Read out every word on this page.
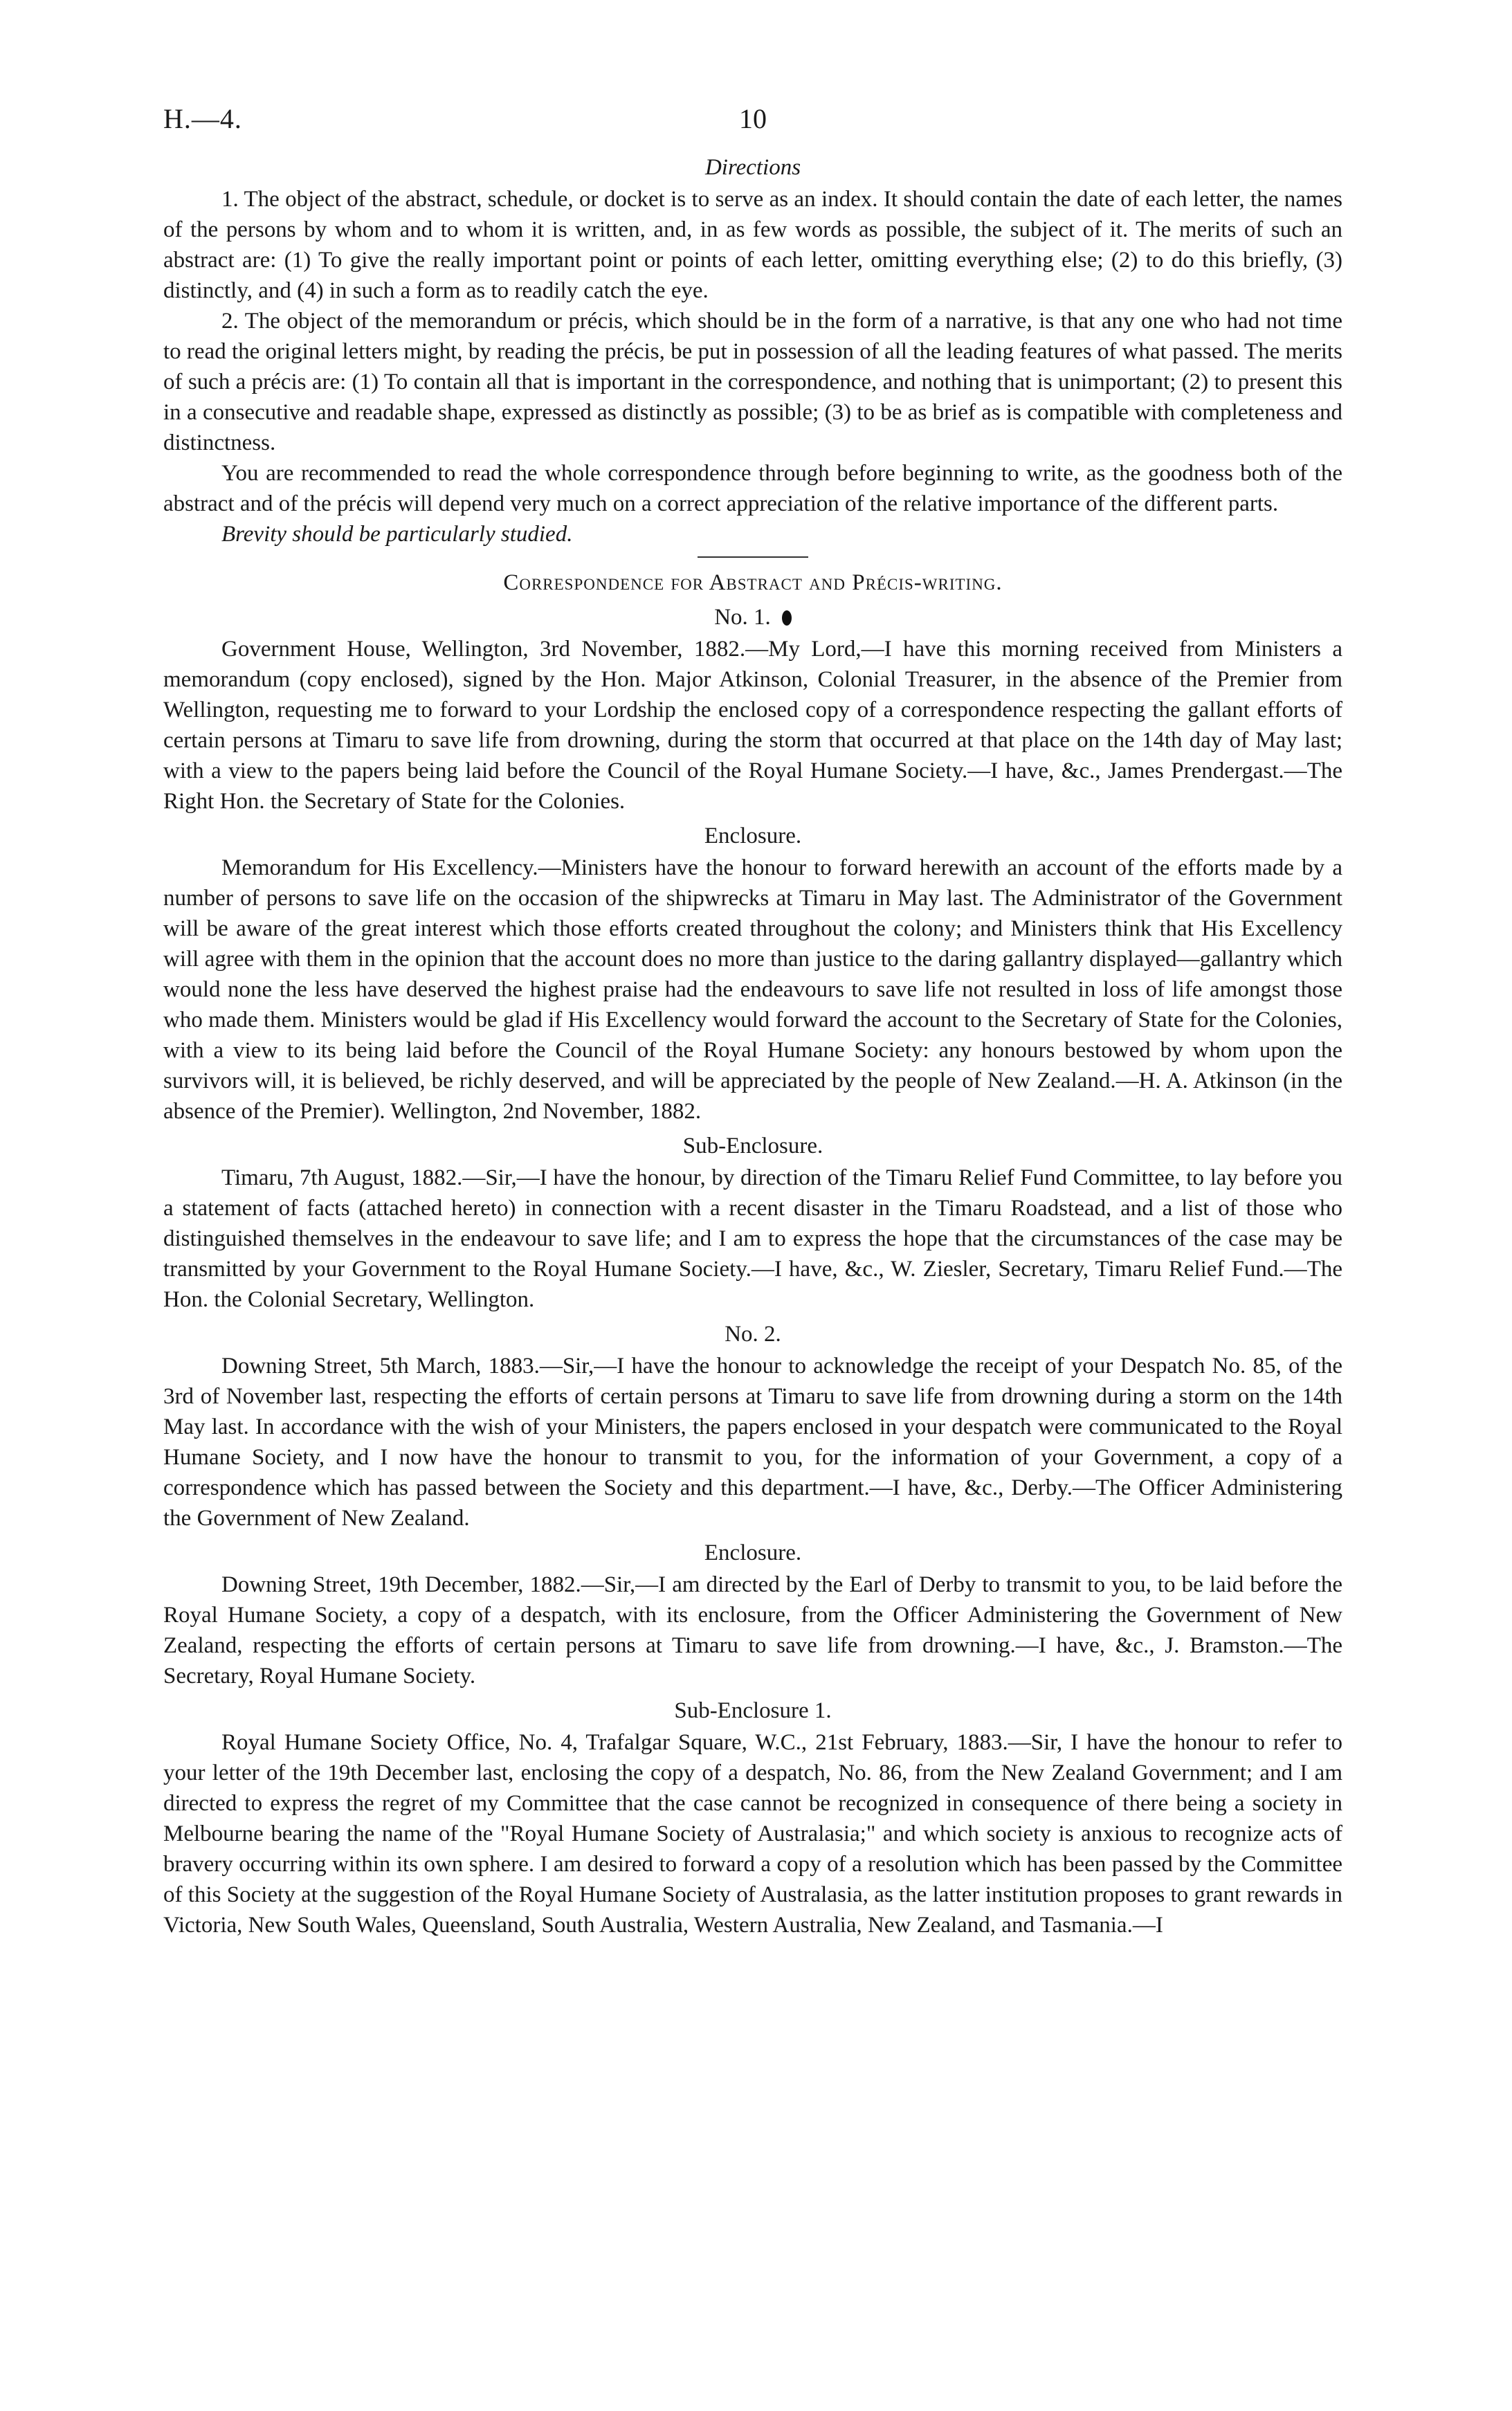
H.—4.	10
Directions

1. The object of the abstract, schedule, or docket is to serve as an index. It should contain the date of each letter, the names of the persons by whom and to whom it is written, and, in as few words as possible, the subject of it. The merits of such an abstract are: (1) To give the really important point or points of each letter, omitting everything else; (2) to do this briefly, (3) distinctly, and (4) in such a form as to readily catch the eye.

2. The object of the memorandum or précis, which should be in the form of a narrative, is that any one who had not time to read the original letters might, by reading the précis, be put in possession of all the leading features of what passed. The merits of such a précis are: (1) To contain all that is important in the correspondence, and nothing that is unimportant; (2) to present this in a consecutive and readable shape, expressed as distinctly as possible; (3) to be as brief as is compatible with completeness and distinctness.

You are recommended to read the whole correspondence through before beginning to write, as the goodness both of the abstract and of the précis will depend very much on a correct appreciation of the relative importance of the different parts.

Brevity should be particularly studied.

Correspondence for Abstract and Précis-writing.
No. 1.

Government House, Wellington, 3rd November, 1882.—My Lord,—I have this morning received from Ministers a memorandum (copy enclosed), signed by the Hon. Major Atkinson, Colonial Treasurer, in the absence of the Premier from Wellington, requesting me to forward to your Lordship the enclosed copy of a correspondence respecting the gallant efforts of certain persons at Timaru to save life from drowning, during the storm that occurred at that place on the 14th day of May last; with a view to the papers being laid before the Council of the Royal Humane Society.—I have, &c., James Prendergast.—The Right Hon. the Secretary of State for the Colonies.

Enclosure.

Memorandum for His Excellency.—Ministers have the honour to forward herewith an account of the efforts made by a number of persons to save life on the occasion of the shipwrecks at Timaru in May last. The Administrator of the Government will be aware of the great interest which those efforts created throughout the colony; and Ministers think that His Excellency will agree with them in the opinion that the account does no more than justice to the daring gallantry displayed—gallantry which would none the less have deserved the highest praise had the endeavours to save life not resulted in loss of life amongst those who made them. Ministers would be glad if His Excellency would forward the account to the Secretary of State for the Colonies, with a view to its being laid before the Council of the Royal Humane Society: any honours bestowed by whom upon the survivors will, it is believed, be richly deserved, and will be appreciated by the people of New Zealand.—H. A. Atkinson (in the absence of the Premier). Wellington, 2nd November, 1882.

Sub-Enclosure.

Timaru, 7th August, 1882.—Sir,—I have the honour, by direction of the Timaru Relief Fund Committee, to lay before you a statement of facts (attached hereto) in connection with a recent disaster in the Timaru Roadstead, and a list of those who distinguished themselves in the endeavour to save life; and I am to express the hope that the circumstances of the case may be transmitted by your Government to the Royal Humane Society.—I have, &c., W. Ziesler, Secretary, Timaru Relief Fund.—The Hon. the Colonial Secretary, Wellington.

No. 2.

Downing Street, 5th March, 1883.—Sir,—I have the honour to acknowledge the receipt of your Despatch No. 85, of the 3rd of November last, respecting the efforts of certain persons at Timaru to save life from drowning during a storm on the 14th May last. In accordance with the wish of your Ministers, the papers enclosed in your despatch were communicated to the Royal Humane Society, and I now have the honour to transmit to you, for the information of your Government, a copy of a correspondence which has passed between the Society and this department.—I have, &c., Derby.—The Officer Administering the Government of New Zealand.

Enclosure.

Downing Street, 19th December, 1882.—Sir,—I am directed by the Earl of Derby to transmit to you, to be laid before the Royal Humane Society, a copy of a despatch, with its enclosure, from the Officer Administering the Government of New Zealand, respecting the efforts of certain persons at Timaru to save life from drowning.—I have, &c., J. Bramston.—The Secretary, Royal Humane Society.

Sub-Enclosure 1.

Royal Humane Society Office, No. 4, Trafalgar Square, W.C., 21st February, 1883.—Sir, I have the honour to refer to your letter of the 19th December last, enclosing the copy of a despatch, No. 86, from the New Zealand Government; and I am directed to express the regret of my Committee that the case cannot be recognized in consequence of there being a society in Melbourne bearing the name of the "Royal Humane Society of Australasia;" and which society is anxious to recognize acts of bravery occurring within its own sphere. I am desired to forward a copy of a resolution which has been passed by the Committee of this Society at the suggestion of the Royal Humane Society of Australasia, as the latter institution proposes to grant rewards in Victoria, New South Wales, Queensland, South Australia, Western Australia, New Zealand, and Tasmania.—I
